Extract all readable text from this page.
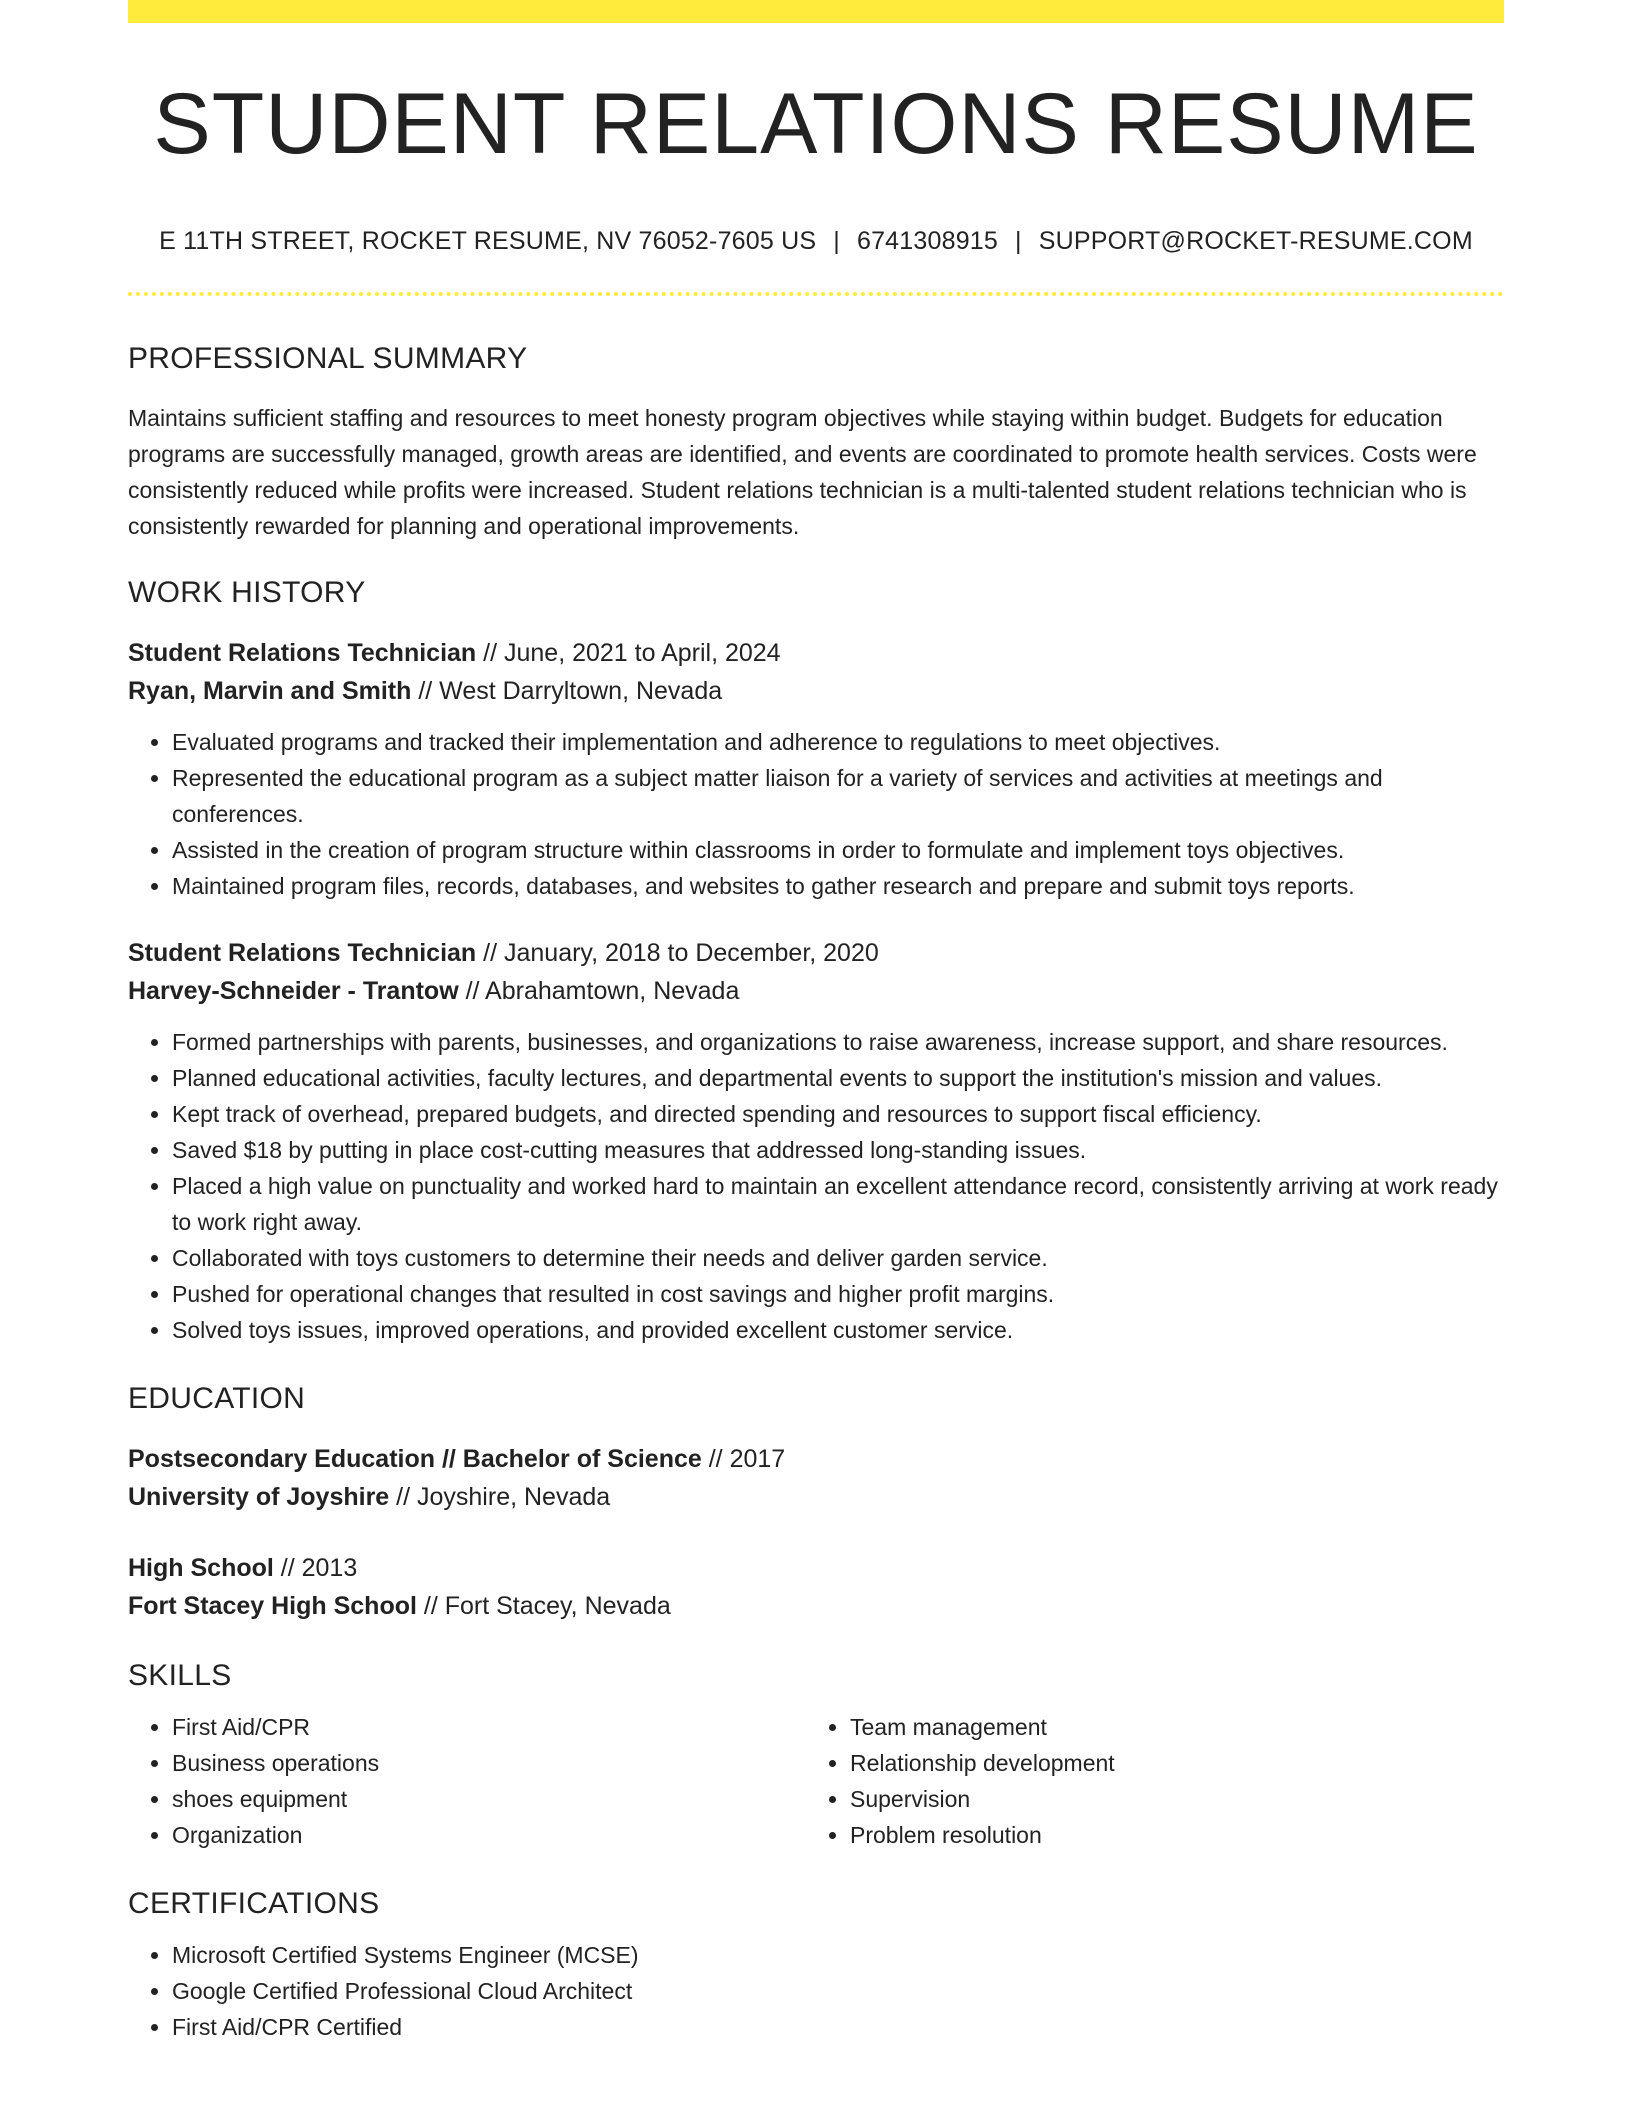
STUDENT RELATIONS RESUME
E 11TH STREET, ROCKET RESUME, NV 76052-7605 US | 6741308915 | SUPPORT@ROCKET-RESUME.COM
PROFESSIONAL SUMMARY

Maintains sufficient staffing and resources to meet honesty program objectives while staying within budget. Budgets for education programs are successfully managed, growth areas are identified, and events are coordinated to promote health services. Costs were consistently reduced while profits were increased. Student relations technician is a multi-talented student relations technician who is consistently rewarded for planning and operational improvements.

WORK HISTORY
Student Relations Technician // June, 2021 to April, 2024
Ryan, Marvin and Smith // West Darryltown, Nevada
• Evaluated programs and tracked their implementation and adherence to regulations to meet objectives.
• Represented the educational program as a subject matter liaison for a variety of services and activities at meetings and conferences.
• Assisted in the creation of program structure within classrooms in order to formulate and implement toys objectives.
• Maintained program files, records, databases, and websites to gather research and prepare and submit toys reports.
Student Relations Technician // January, 2018 to December, 2020
Harvey-Schneider - Trantow // Abrahamtown, Nevada
• Formed partnerships with parents, businesses, and organizations to raise awareness, increase support, and share resources.
• Planned educational activities, faculty lectures, and departmental events to support the institution's mission and values.
• Kept track of overhead, prepared budgets, and directed spending and resources to support fiscal efficiency.
• Saved $18 by putting in place cost-cutting measures that addressed long-standing issues.
• Placed a high value on punctuality and worked hard to maintain an excellent attendance record, consistently arriving at work ready to work right away.
• Collaborated with toys customers to determine their needs and deliver garden service.
• Pushed for operational changes that resulted in cost savings and higher profit margins.
• Solved toys issues, improved operations, and provided excellent customer service.
EDUCATION
Postsecondary Education // Bachelor of Science // 2017
University of Joyshire // Joyshire, Nevada
High School // 2013
Fort Stacey High School // Fort Stacey, Nevada
SKILLS
• First Aid/CPR
• Business operations
• shoes equipment
• Organization
• Team management
• Relationship development
• Supervision
• Problem resolution
CERTIFICATIONS
• Microsoft Certified Systems Engineer (MCSE)
• Google Certified Professional Cloud Architect
• First Aid/CPR Certified
